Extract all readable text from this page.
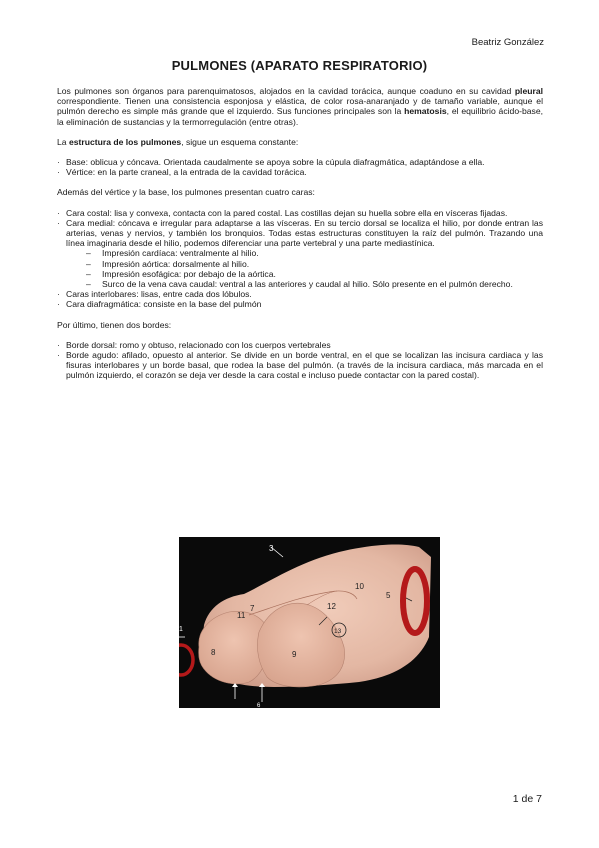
Beatriz González
PULMONES (APARATO RESPIRATORIO)

Los pulmones son órganos para parenquimatosos, alojados en la cavidad torácica, aunque coaduno en su cavidad pleural correspondiente. Tienen una consistencia esponjosa y elástica, de color rosa-anaranjado y de tamaño variable, aunque el pulmón derecho es simple más grande que el izquierdo. Sus funciones principales son la hematosis, el equilibrio ácido-base, la eliminación de sustancias y la termorregulación (entre otras).

La estructura de los pulmones, sigue un esquema constante:

· Base: oblicua y cóncava. Orientada caudalmente se apoya sobre la cúpula diafragmática, adaptándose a ella.
· Vértice: en la parte craneal, a la entrada de la cavidad torácica.

Además del vértice y la base, los pulmones presentan cuatro caras:

· Cara costal: lisa y convexa, contacta con la pared costal. Las costillas dejan su huella sobre ella en vísceras fijadas.
· Cara medial: cóncava e irregular para adaptarse a las vísceras. En su tercio dorsal se localiza el hilio, por donde entran las arterias, venas y nervios, y también los bronquios. Todas estas estructuras constituyen la raíz del pulmón. Trazando una línea imaginaria desde el hilio, podemos diferenciar una parte vertebral y una parte mediastínica.
– Impresión cardíaca: ventralmente al hilio.
– Impresión aórtica: dorsalmente al hilio.
– Impresión esofágica: por debajo de la aórtica.
– Surco de la vena cava caudal: ventral a las anteriores y caudal al hilio. Sólo presente en el pulmón derecho.
· Caras interlobares: lisas, entre cada dos lóbulos.
· Cara diafragmática: consiste en la base del pulmón

Por último, tienen dos bordes:

· Borde dorsal: romo y obtuso, relacionado con los cuerpos vertebrales
· Borde agudo: afilado, opuesto al anterior. Se divide en un borde ventral, en el que se localizan las incisura cardiaca y las fisuras interlobares y un borde basal, que rodea la base del pulmón. (a través de la incisura cardiaca, más marcada en el pulmón izquierdo, el corazón se deja ver desde la cara costal e incluso puede contactar con la pared costal).
3
10
5
7
11
12
13
8	9
1
6
1 de 7
